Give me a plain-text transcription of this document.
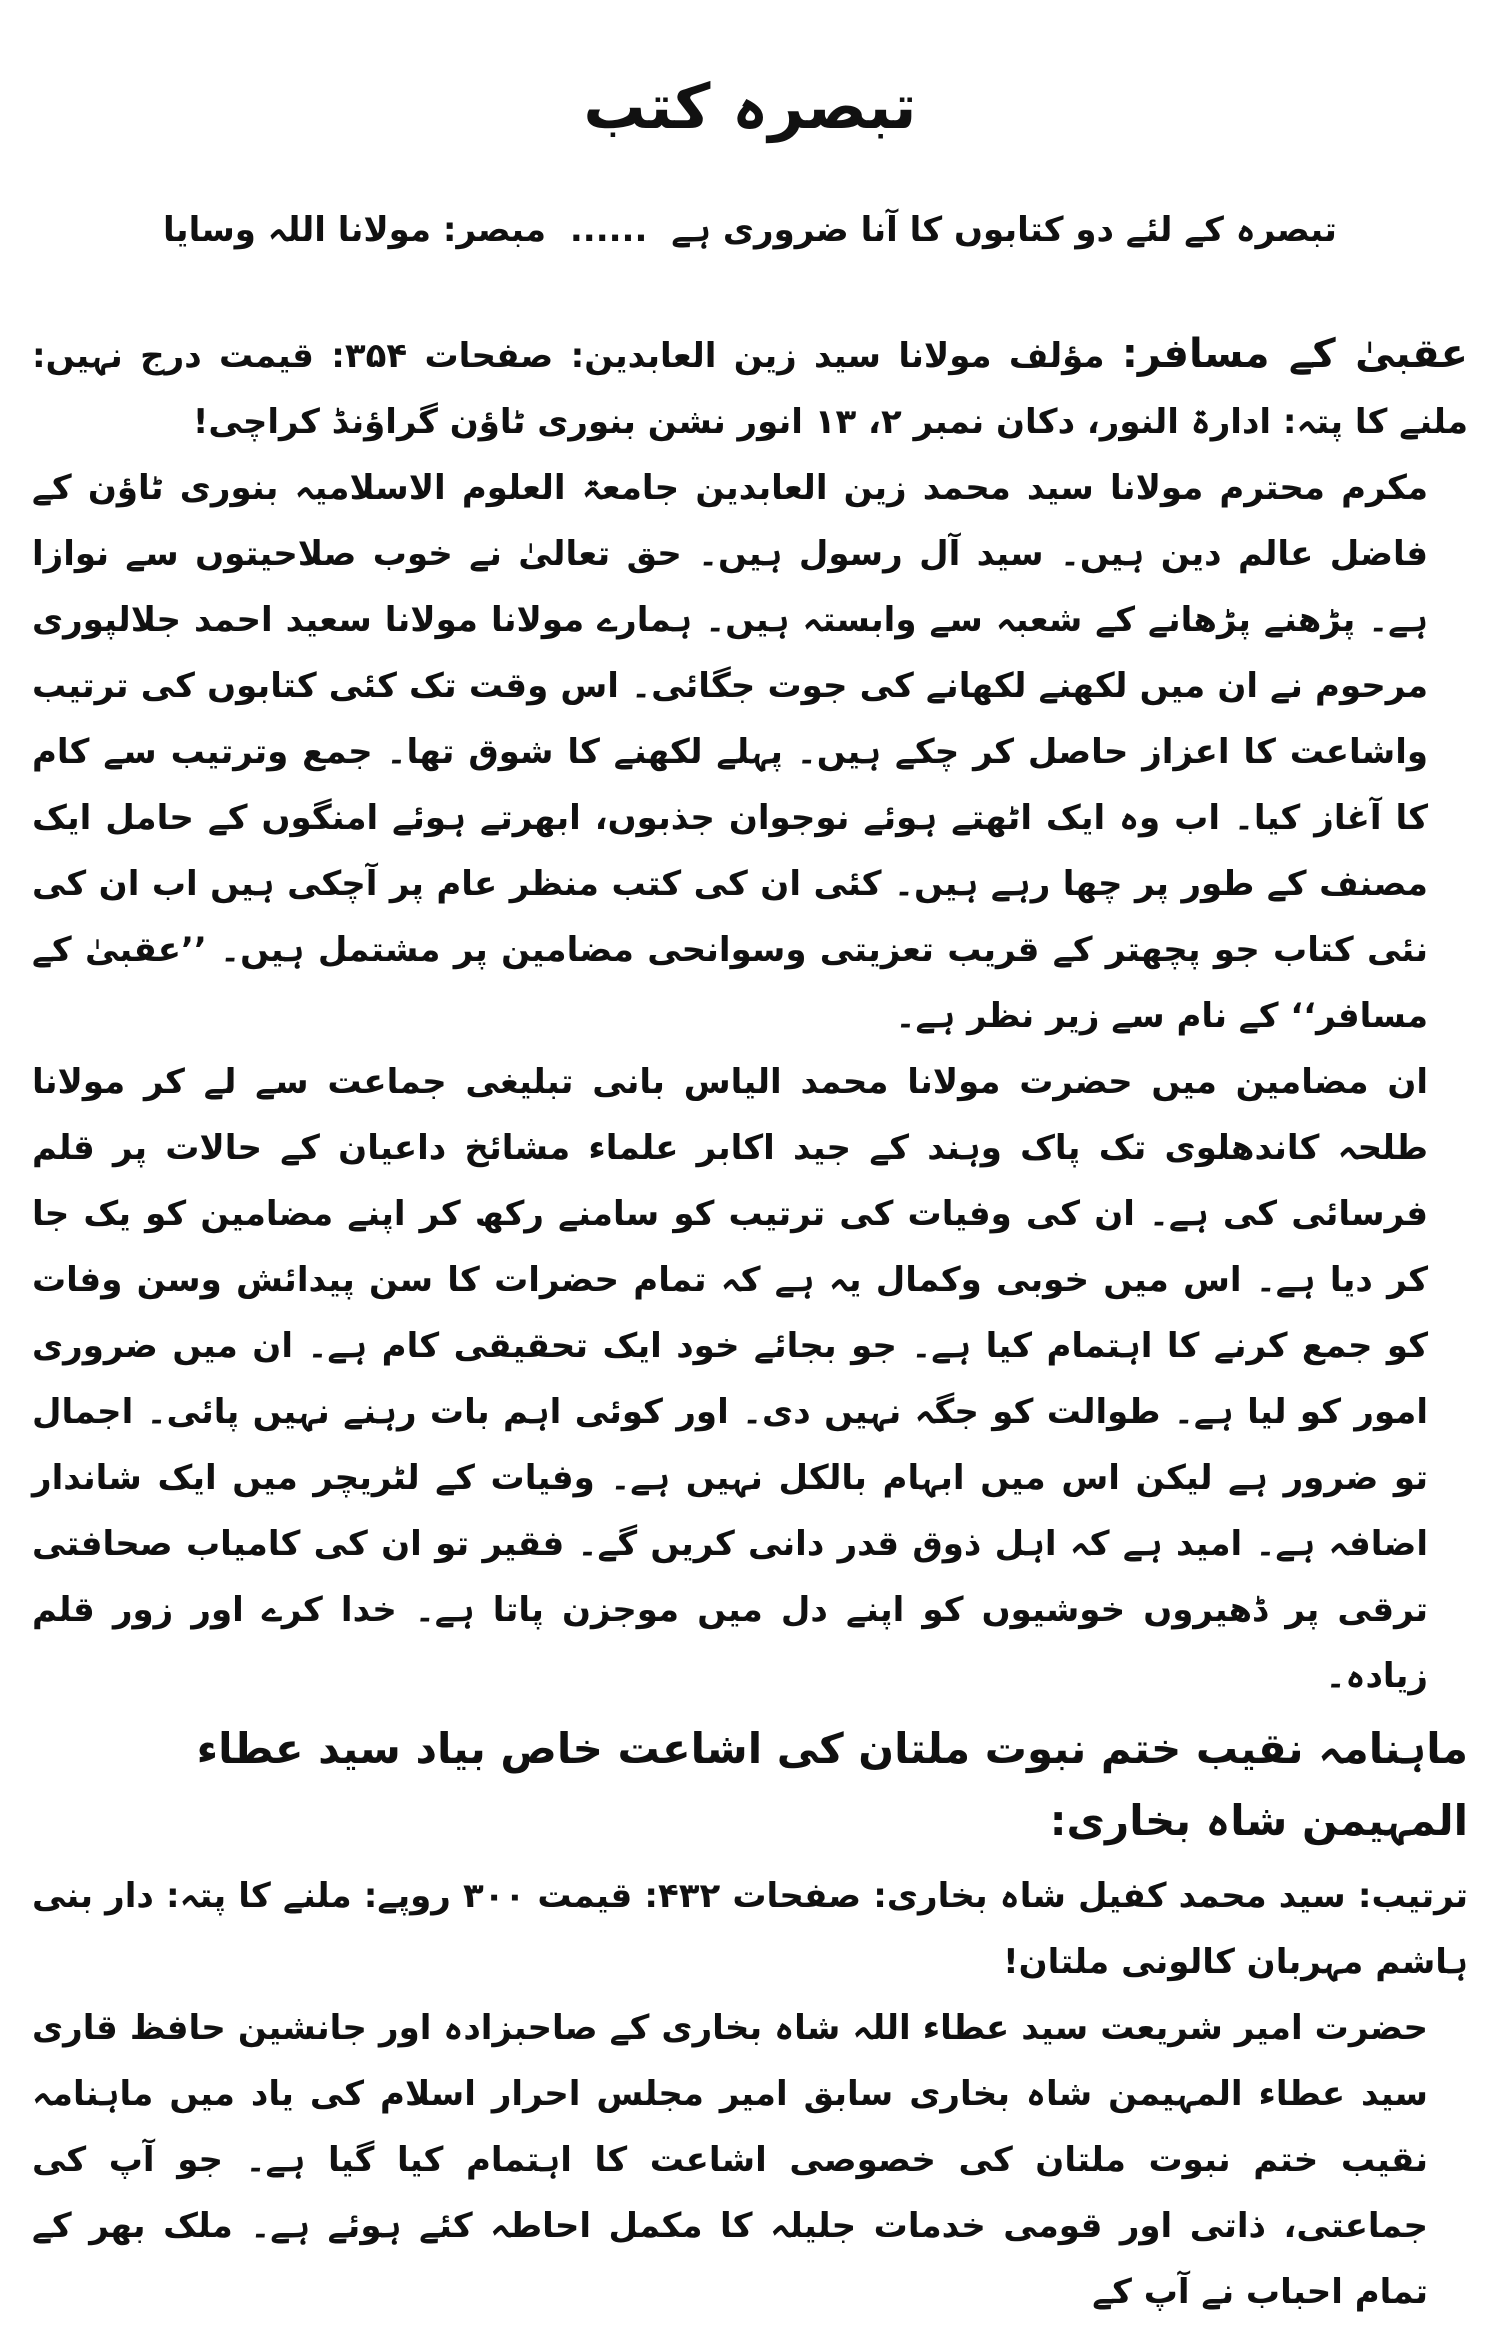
تبصرہ کتب
تبصرہ کے لئے دو کتابوں کا آنا ضروری ہے ...... مبصر: مولانا اللہ وسایا

عقبیٰ کے مسافر: مؤلف مولانا سید زین العابدین: صفحات ۳۵۴: قیمت درج نہیں: ملنے کا پتہ: ادارۃ النور، دکان نمبر ۲، ۱۳ انور نشن بنوری ٹاؤن گراؤنڈ کراچی!

مکرم محترم مولانا سید محمد زین العابدین جامعۃ العلوم الاسلامیہ بنوری ٹاؤن کے فاضل عالم دین ہیں۔ سید آل رسول ہیں۔ حق تعالیٰ نے خوب صلاحیتوں سے نوازا ہے۔ پڑھنے پڑھانے کے شعبہ سے وابستہ ہیں۔ ہمارے مولانا مولانا سعید احمد جلالپوری مرحوم نے ان میں لکھنے لکھانے کی جوت جگائی۔ اس وقت تک کئی کتابوں کی ترتیب واشاعت کا اعزاز حاصل کر چکے ہیں۔ پہلے لکھنے کا شوق تھا۔ جمع وترتیب سے کام کا آغاز کیا۔ اب وہ ایک اٹھتے ہوئے نوجوان جذبوں، ابھرتے ہوئے امنگوں کے حامل ایک مصنف کے طور پر چھا رہے ہیں۔ کئی ان کی کتب منظر عام پر آچکی ہیں اب ان کی نئی کتاب جو پچھتر کے قریب تعزیتی وسوانحی مضامین پر مشتمل ہیں۔ ’’عقبیٰ کے مسافر‘‘ کے نام سے زیر نظر ہے۔

ان مضامین میں حضرت مولانا محمد الیاس بانی تبلیغی جماعت سے لے کر مولانا طلحہ کاندھلوی تک پاک وہند کے جید اکابر علماء مشائخ داعیان کے حالات پر قلم فرسائی کی ہے۔ ان کی وفیات کی ترتیب کو سامنے رکھ کر اپنے مضامین کو یک جا کر دیا ہے۔ اس میں خوبی وکمال یہ ہے کہ تمام حضرات کا سن پیدائش وسن وفات کو جمع کرنے کا اہتمام کیا ہے۔ جو بجائے خود ایک تحقیقی کام ہے۔ ان میں ضروری امور کو لیا ہے۔ طوالت کو جگہ نہیں دی۔ اور کوئی اہم بات رہنے نہیں پائی۔ اجمال تو ضرور ہے لیکن اس میں ابہام بالکل نہیں ہے۔ وفیات کے لٹریچر میں ایک شاندار اضافہ ہے۔ امید ہے کہ اہل ذوق قدر دانی کریں گے۔ فقیر تو ان کی کامیاب صحافتی ترقی پر ڈھیروں خوشیوں کو اپنے دل میں موجزن پاتا ہے۔ خدا کرے اور زور قلم زیادہ۔

ماہنامہ نقیب ختم نبوت ملتان کی اشاعت خاص بیاد سید عطاء المہیمن شاہ بخاری:

ترتیب: سید محمد کفیل شاہ بخاری: صفحات ۴۳۲: قیمت ۳۰۰ روپے: ملنے کا پتہ: دار بنی ہاشم مہربان کالونی ملتان!

حضرت امیر شریعت سید عطاء اللہ شاہ بخاری کے صاحبزادہ اور جانشین حافظ قاری سید عطاء المہیمن شاہ بخاری سابق امیر مجلس احرار اسلام کی یاد میں ماہنامہ نقیب ختم نبوت ملتان کی خصوصی اشاعت کا اہتمام کیا گیا ہے۔ جو آپ کی جماعتی، ذاتی اور قومی خدمات جلیلہ کا مکمل احاطہ کئے ہوئے ہے۔ ملک بھر کے تمام احباب نے آپ کے
